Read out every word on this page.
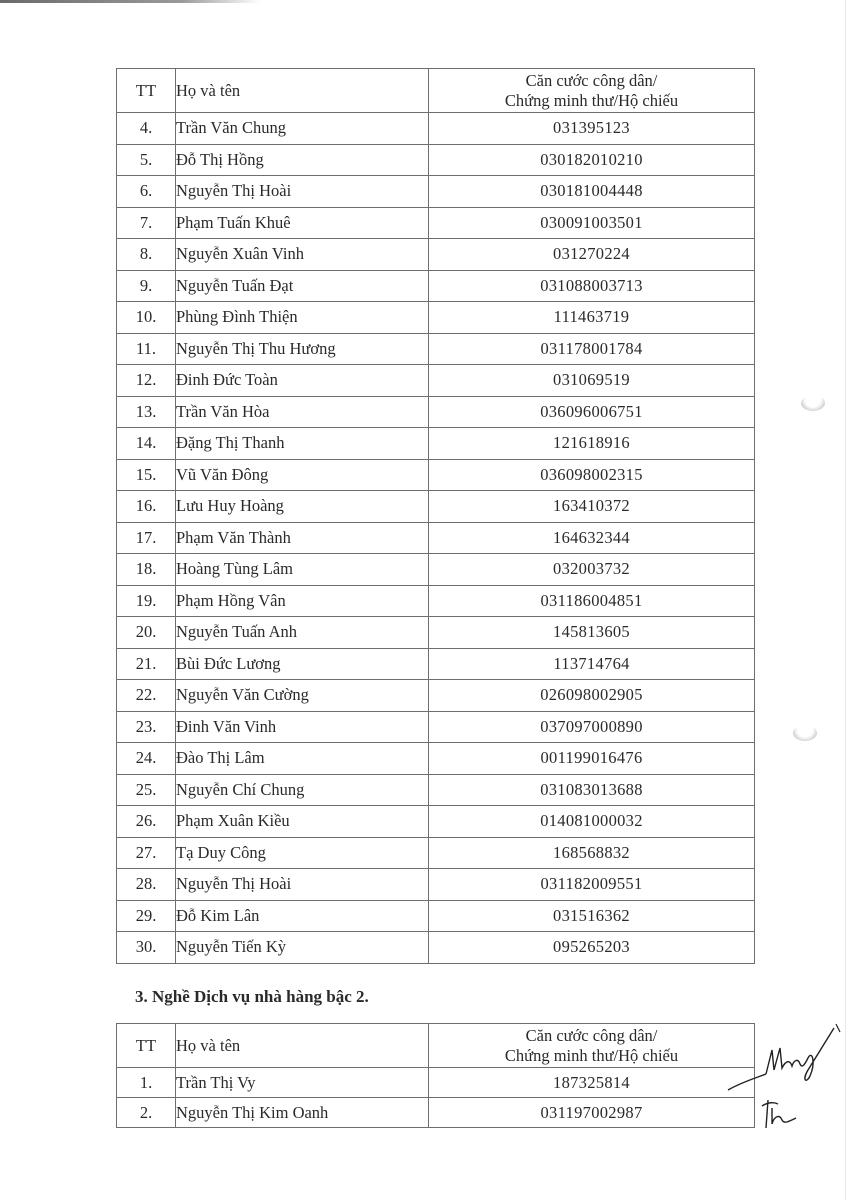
TT	Họ và tên	Căn cước công dân/
Chứng minh thư/Hộ chiếu

4.	Trần Văn Chung	031395123
5.	Đỗ Thị Hồng	030182010210
6.	Nguyễn Thị Hoài	030181004448
7.	Phạm Tuấn Khuê	030091003501
8.	Nguyễn Xuân Vinh	031270224
9.	Nguyễn Tuấn Đạt	031088003713
10.	Phùng Đình Thiện	111463719
11.	Nguyễn Thị Thu Hương	031178001784
12.	Đinh Đức Toàn	031069519
13.	Trần Văn Hòa	036096006751
14.	Đặng Thị Thanh	121618916
15.	Vũ Văn Đông	036098002315
16.	Lưu Huy Hoàng	163410372
17.	Phạm Văn Thành	164632344
18.	Hoàng Tùng Lâm	032003732
19.	Phạm Hồng Vân	031186004851
20.	Nguyễn Tuấn Anh	145813605
21.	Bùi Đức Lương	113714764
22.	Nguyễn Văn Cường	026098002905
23.	Đinh Văn Vinh	037097000890
24.	Đào Thị Lâm	001199016476
25.	Nguyễn Chí Chung	031083013688
26.	Phạm Xuân Kiều	014081000032
27.	Tạ Duy Công	168568832
28.	Nguyễn Thị Hoài	031182009551
29.	Đỗ Kim Lân	031516362
30.	Nguyễn Tiến Kỳ	095265203
3. Nghề Dịch vụ nhà hàng bậc 2.
TT	Họ và tên	Căn cước công dân/
Chứng minh thư/Hộ chiếu

1.	Trần Thị Vy	187325814
2.	Nguyễn Thị Kim Oanh	031197002987
